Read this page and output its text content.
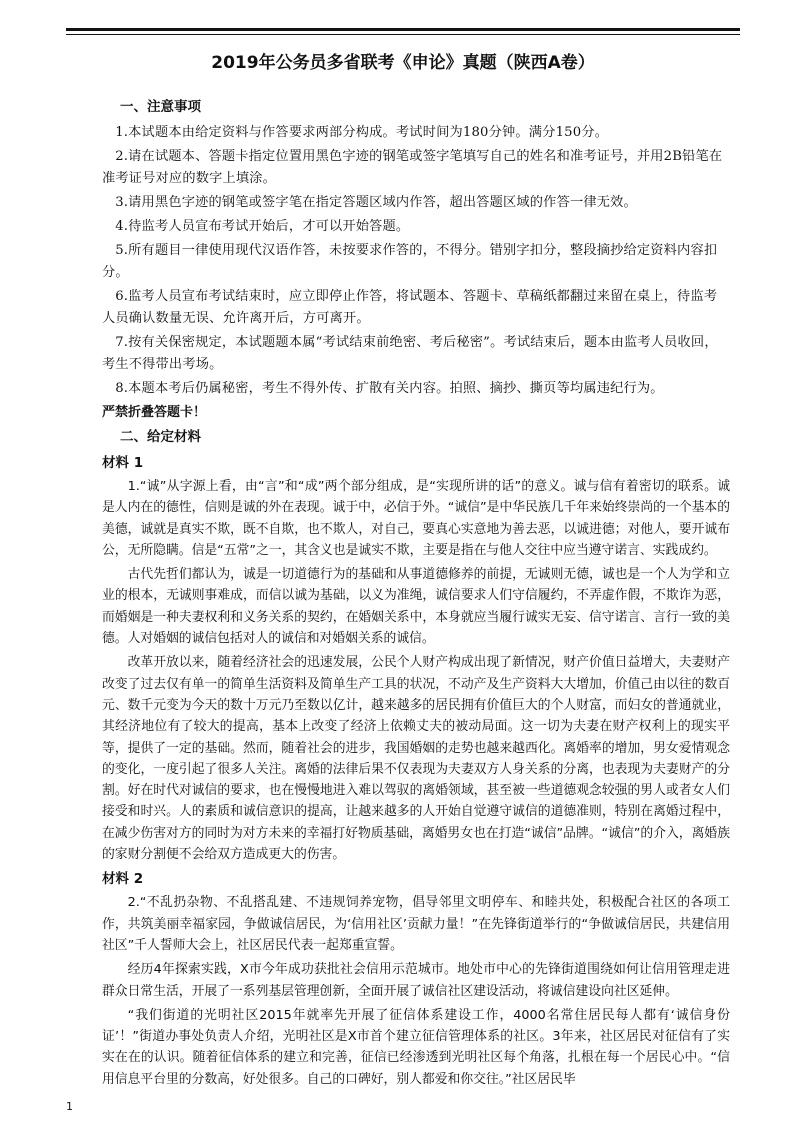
2019年公务员多省联考《申论》真题（陕西A卷）

一、注意事项

1.本试题本由给定资料与作答要求两部分构成。考试时间为180分钟。满分150分。

2.请在试题本、答题卡指定位置用黑色字迹的钢笔或签字笔填写自己的姓名和准考证号，并用2B铅笔在准考证号对应的数字上填涂。

3.请用黑色字迹的钢笔或签字笔在指定答题区域内作答，超出答题区域的作答一律无效。

4.待监考人员宣布考试开始后，才可以开始答题。

5.所有题目一律使用现代汉语作答，未按要求作答的，不得分。错别字扣分，整段摘抄给定资料内容扣分。

6.监考人员宣布考试结束时，应立即停止作答，将试题本、答题卡、草稿纸都翻过来留在桌上，待监考人员确认数量无误、允许离开后，方可离开。

7.按有关保密规定，本试题题本属“考试结束前绝密、考后秘密”。考试结束后，题本由监考人员收回，考生不得带出考场。

8.本题本考后仍属秘密，考生不得外传、扩散有关内容。拍照、摘抄、撕页等均属违纪行为。

严禁折叠答题卡！

二、给定材料

材料 1

1.“诚”从字源上看，由“言”和“成”两个部分组成，是“实现所讲的话”的意义。诚与信有着密切的联系。诚是人内在的德性，信则是诚的外在表现。诚于中，必信于外。“诚信”是中华民族几千年来始终崇尚的一个基本的美德，诚就是真实不欺，既不自欺，也不欺人，对自己，要真心实意地为善去恶，以诚进德；对他人，要开诚布公，无所隐瞒。信是“五常”之一，其含义也是诚实不欺，主要是指在与他人交往中应当遵守诺言、实践成约。

古代先哲们都认为，诚是一切道德行为的基础和从事道德修养的前提，无诚则无德，诚也是一个人为学和立业的根本，无诚则事难成，而信以诚为基础，以义为准绳，诚信要求人们守信履约，不弄虚作假，不欺诈为恶，而婚姻是一种夫妻权利和义务关系的契约，在婚姻关系中，本身就应当履行诚实无妄、信守诺言、言行一致的美德。人对婚姻的诚信包括对人的诚信和对婚姻关系的诚信。

改革开放以来，随着经济社会的迅速发展，公民个人财产构成出现了新情况，财产价值日益增大，夫妻财产改变了过去仅有单一的简单生活资料及简单生产工具的状况，不动产及生产资料大大增加，价值己由以往的数百元、数千元变为今天的数十万元乃至数以亿计，越来越多的居民拥有价值巨大的个人财富，而妇女的普通就业，其经济地位有了较大的提高，基本上改变了经济上依赖丈夫的被动局面。这一切为夫妻在财产权利上的现实平等，提供了一定的基础。然而，随着社会的进步，我国婚姻的走势也越来越西化。离婚率的增加，男女爱情观念的变化，一度引起了很多人关注。离婚的法律后果不仅表现为夫妻双方人身关系的分离，也表现为夫妻财产的分割。好在时代对诚信的要求，也在慢慢地进入难以驾驭的离婚领域，甚至被一些道德观念较强的男人或者女人们接受和时兴。人的素质和诚信意识的提高，让越来越多的人开始自觉遵守诚信的道德准则，特别在离婚过程中，在减少伤害对方的同时为对方未来的幸福打好物质基础，离婚男女也在打造“诚信”品牌。“诚信”的介入，离婚族的家财分割便不会给双方造成更大的伤害。

材料 2

2.“不乱扔杂物、不乱搭乱建、不违规饲养宠物，倡导邻里文明停车、和睦共处，积极配合社区的各项工作，共筑美丽幸福家园，争做诚信居民，为‘信用社区’贡献力量！”在先锋街道举行的“争做诚信居民，共建信用社区”千人誓师大会上，社区居民代表一起郑重宣誓。

经历4年探索实践，X市今年成功获批社会信用示范城市。地处市中心的先锋街道围绕如何让信用管理走进群众日常生活，开展了一系列基层管理创新，全面开展了诚信社区建设活动，将诚信建设向社区延伸。

“我们街道的光明社区2015年就率先开展了征信体系建设工作，4000名常住居民每人都有‘诚信身份证’！”街道办事处负责人介绍，光明社区是X市首个建立征信管理体系的社区。3年来，社区居民对征信有了实实在在的认识。随着征信体系的建立和完善，征信已经渗透到光明社区每个角落，扎根在每一个居民心中。“信用信息平台里的分数高，好处很多。自己的口碑好，别人都爱和你交往。”社区居民毕

1
